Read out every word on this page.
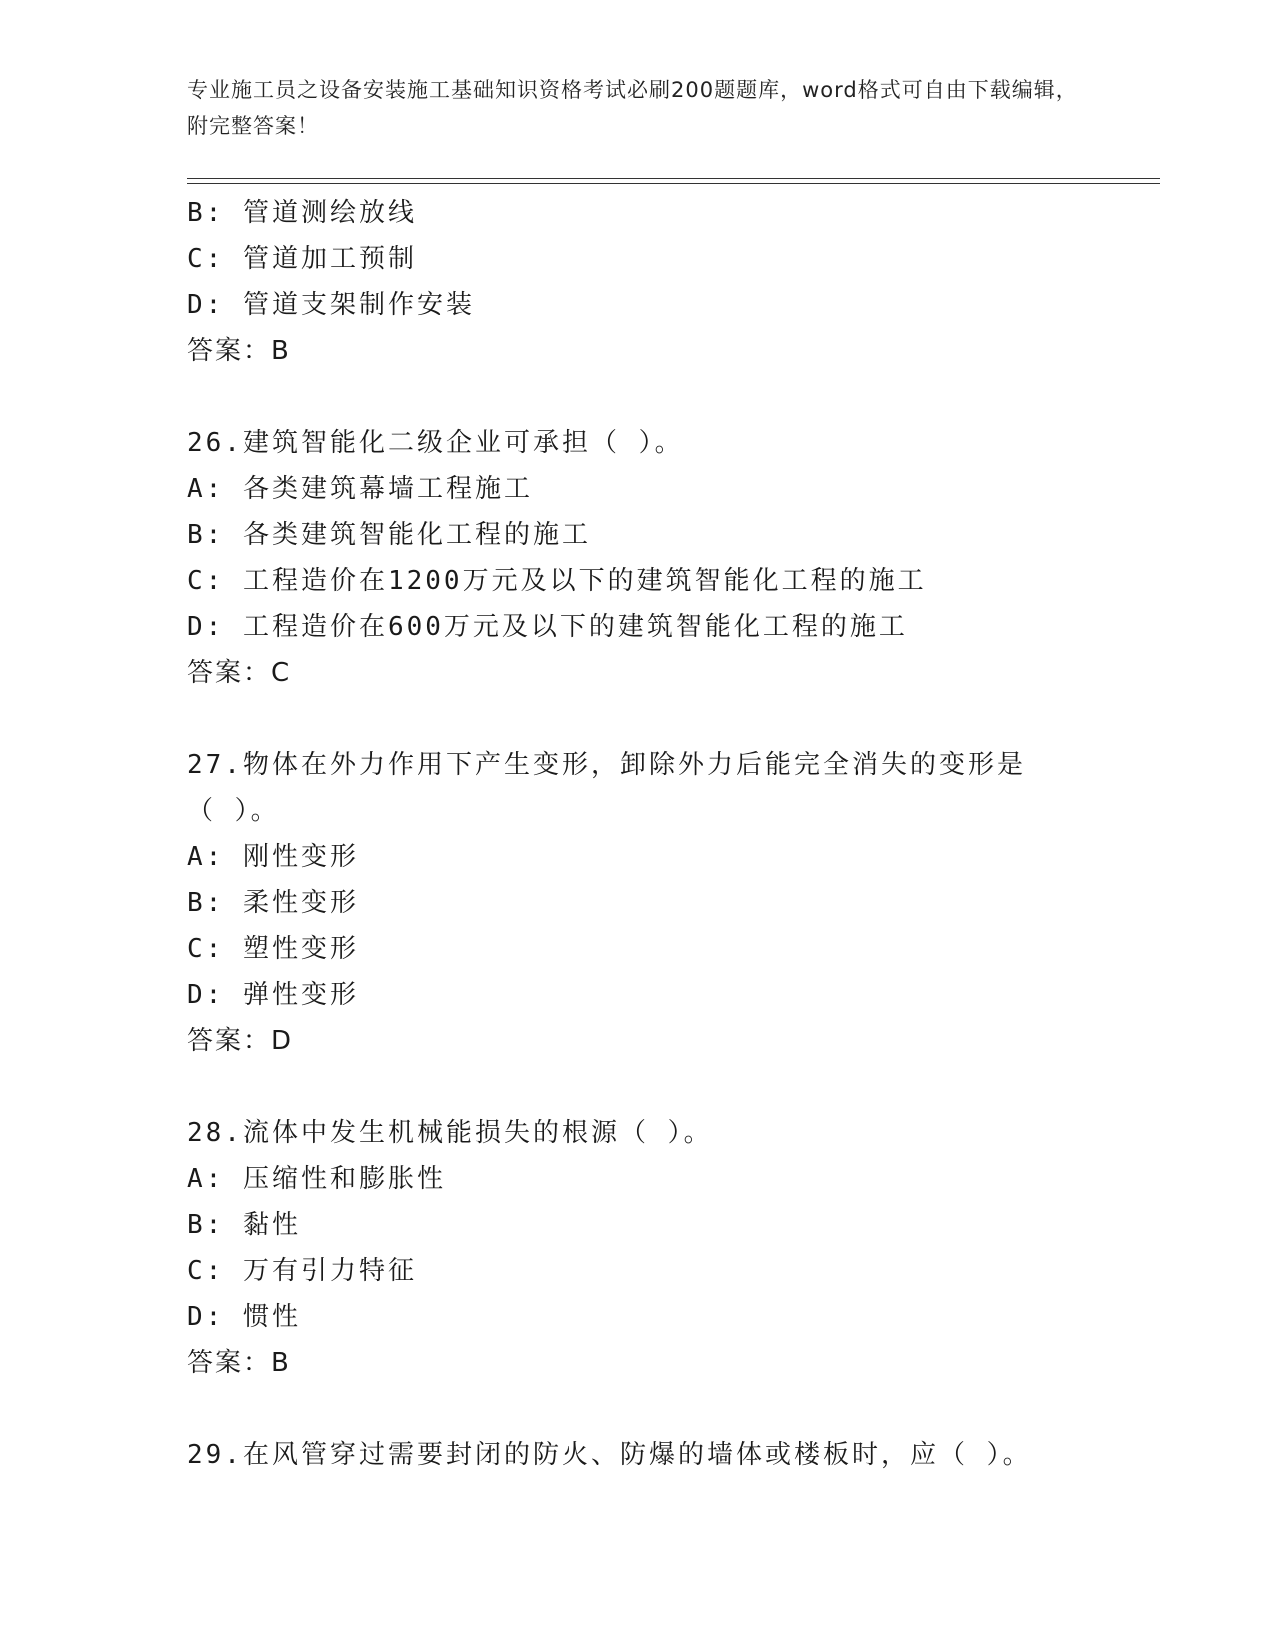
专业施工员之设备安装施工基础知识资格考试必刷200题题库，word格式可自由下载编辑，附完整答案！
B: 管道测绘放线
C: 管道加工预制
D: 管道支架制作安装
答案：B
26.建筑智能化二级企业可承担（ ）。
A: 各类建筑幕墙工程施工
B: 各类建筑智能化工程的施工
C: 工程造价在1200万元及以下的建筑智能化工程的施工
D: 工程造价在600万元及以下的建筑智能化工程的施工
答案：C
27.物体在外力作用下产生变形，卸除外力后能完全消失的变形是（ ）。
A: 刚性变形
B: 柔性变形
C: 塑性变形
D: 弹性变形
答案：D
28.流体中发生机械能损失的根源（ ）。
A: 压缩性和膨胀性
B: 黏性
C: 万有引力特征
D: 惯性
答案：B
29.在风管穿过需要封闭的防火、防爆的墙体或楼板时，应（ ）。
